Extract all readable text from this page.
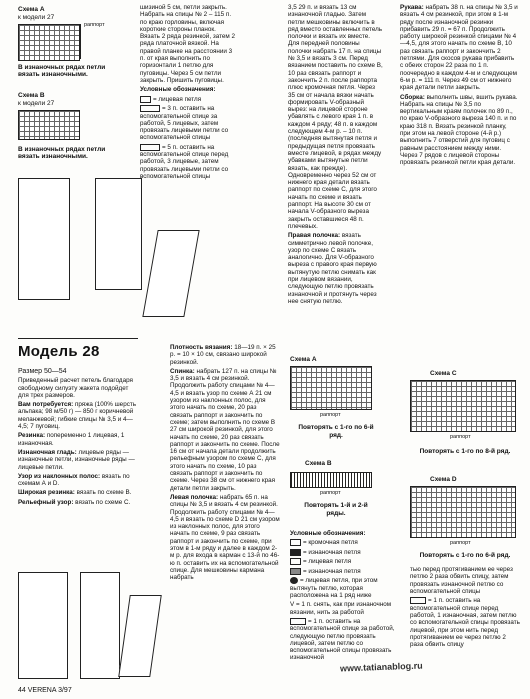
Схема А
к модели 27
раппорт
В изнаночных рядах петли вязать изнаночными.
Схема В
к модели 27
В изнаночных рядах петли вязать изнаночными.

шизиной 5 см, петли закрыть. Набрать на спицы № 2 – 115 п. по краю горловины, включая короткие стороны планок. Вязать 2 ряда резинкой, затем 2 ряда платочной вязкой. На правой планке на расстоянии 3 п. от края выполнить по горизонтали 1 петлю для пуговицы. Через 5 см петли закрыть. Пришить пуговицы.

Условные обозначения:

= лицевая петля

= 3 п. оставить на вспомогательной спице за работой, 5 лицевых, затем провязать лицевыми петли со вспомогательной спицы

= 5 п. оставить на вспомогательной спице перед работой, 3 лицевые, затем провязать лицевыми петли со вспомогательной спицы

3,5 29 п. и вязать 13 см изнаночной гладью. Затем петли мешковины включить в ряд вместо оставленных петель полочки и вязать их вместе. Для передней половины полочки набрать 17 п. на спицы № 3,5 и вязать 3 см. Перед вязанием поставить по схеме В, 10 раз связать раппорт и закончить 2 п. после раппорта плюс кромочная петля. Через 35 см от начала вязки начать формировать V-образный вырез: на лицевой стороне убавлять с левого края 1 п. в каждом 4 ряду; 48 п. в каждом следующем 4-м р. – 10 п. (последняя вытянутая петля и предыдущая петля провязать вместе лицевой, в рядах между убавками вытянутые петли вязать, как прежде). Одновременно через 52 см от нижнего края детали вязать раппорт по схеме С, для этого начать по схеме и вязать раппорт. На высоте 30 см от начала V-образного выреза закрыть оставшиеся 48 п. плечевых.

Правая полочка: вязать симметрично левой полочке, узор по схеме С вязать аналогично. Для V-образного выреза с правого края первую вытянутую петлю снимать как при лицевом вязании, следующую петлю провязать изнаночной и протянуть через нее снятую петлю.

Рукава: набрать 38 п. на спицы № 3,5 и вязать 4 см резинкой, при этом в 1-м ряду после изнаночной резинки прибавить 29 п. = 67 п. Продолжить работу широкой резинкой спицами № 4—4,5, для этого начать по схеме В, 10 раз связать раппорт и закончить 2 петлями. Для скосов рукава прибавить с обеих сторон 22 раза по 1 п. поочередно в каждом 4-м и следующем 6-м р. = 111 п. Через 49 см от нижнего края детали петли закрыть.

Сборка: выполнить швы, вшить рукава. Набрать на спицы № 3,5 по вертикальным краям полочек по 89 п., по краю V-образного выреза 140 п. и по краю 318 п. Вязать резинкой планку, при этом на левой стороне (4-й р.) выполнить 7 отверстий для пуговиц с равным расстоянием между ними. Через 7 рядов с лицевой стороны провязать резинкой петли края детали.

Модель 28

Размер 50—54

Приведенный расчет петель благодаря свободному силуэту жакета подойдет для трех размеров.

Вам потребуется: пряжа (100% шерсть альпака; 98 м/50 г) — 850 г коричневой меланжевой; гибкие спицы № 3,5 и 4—4,5; 7 пуговиц.

Резинка: попеременно 1 лицевая, 1 изнаночная.

Изнаночная гладь: лицевые ряды — изнаночные петли, изнаночные ряды — лицевые петли.

Узор из наклонных полос: вязать по схемам А и D.

Широкая резинка: вязать по схеме В.

Рельефный узор: вязать по схеме С.

Плотность вязания: 18—19 п. × 25 р. = 10 × 10 см, связано широкой резинкой.

Спинка: набрать 127 п. на спицы № 3,5 и вязать 4 см резинкой. Продолжить работу спицами № 4—4,5 и вязать узор по схеме А 21 см узором из наклонных полос, для этого начать по схеме, 20 раз связать раппорт и закончить по схеме; затем выполнить по схеме В 27 см широкой резинкой, для этого начать по схеме, 20 раз связать раппорт и закончить по схеме. После 16 см от начала детали продолжить рельефным узором по схеме С, для этого начать по схеме, 10 раз связать раппорт и закончить по схеме. Через 38 см от нижнего края детали петли закрыть.

Левая полочка: набрать 65 п. на спицы № 3,5 и вязать 4 см резинкой. Продолжить работу спицами № 4—4,5 и вязать по схеме D 21 см узором из наклонных полос, для этого начать по схеме, 9 раз связать раппорт и закончить по схеме, при этом в 1-м ряду и далее в каждом 2-м р. для входа в карман с 13-й по 46-ю п. оставить их на вспомогательной спице. Для мешковины кармана набрать

Схема А
раппорт
Повторять с 1-го по 6-й ряд.
Схема С
раппорт
Повторять с 1-го по 8-й ряд.
Схема В
раппорт
Повторять 1-й и 2-й ряды.
Схема D
раппорт
Повторять с 1-го по 6-й ряд.

Условные обозначения:

= кромочная петля

= изнаночная петля

= лицевая петля

= изнаночная петля

= лицевая петля, при этом вытянуть петлю, которая расположена на 1 ряд ниже

V = 1 п. снять, как при изнаночном вязании, нить за работой

= 1 п. оставить на вспомогательной спице за работой, следующую петлю провязать лицевой, затем петлю со вспомогательной спицы провязать изнаночной

тью перед протягиванием ее через петлю 2 раза обвить спицу, затем провязать изнаночной петлю со вспомогательной спицы

= 1 п. оставить на вспомогательной спице перед работой, 1 изнаночная, затем петлю со вспомогательной спицы провязать лицевой, при этом нить перед протягиванием ее через петлю 2 раза обвить спицу

www.tatianablog.ru
44 VERENA 3/97
